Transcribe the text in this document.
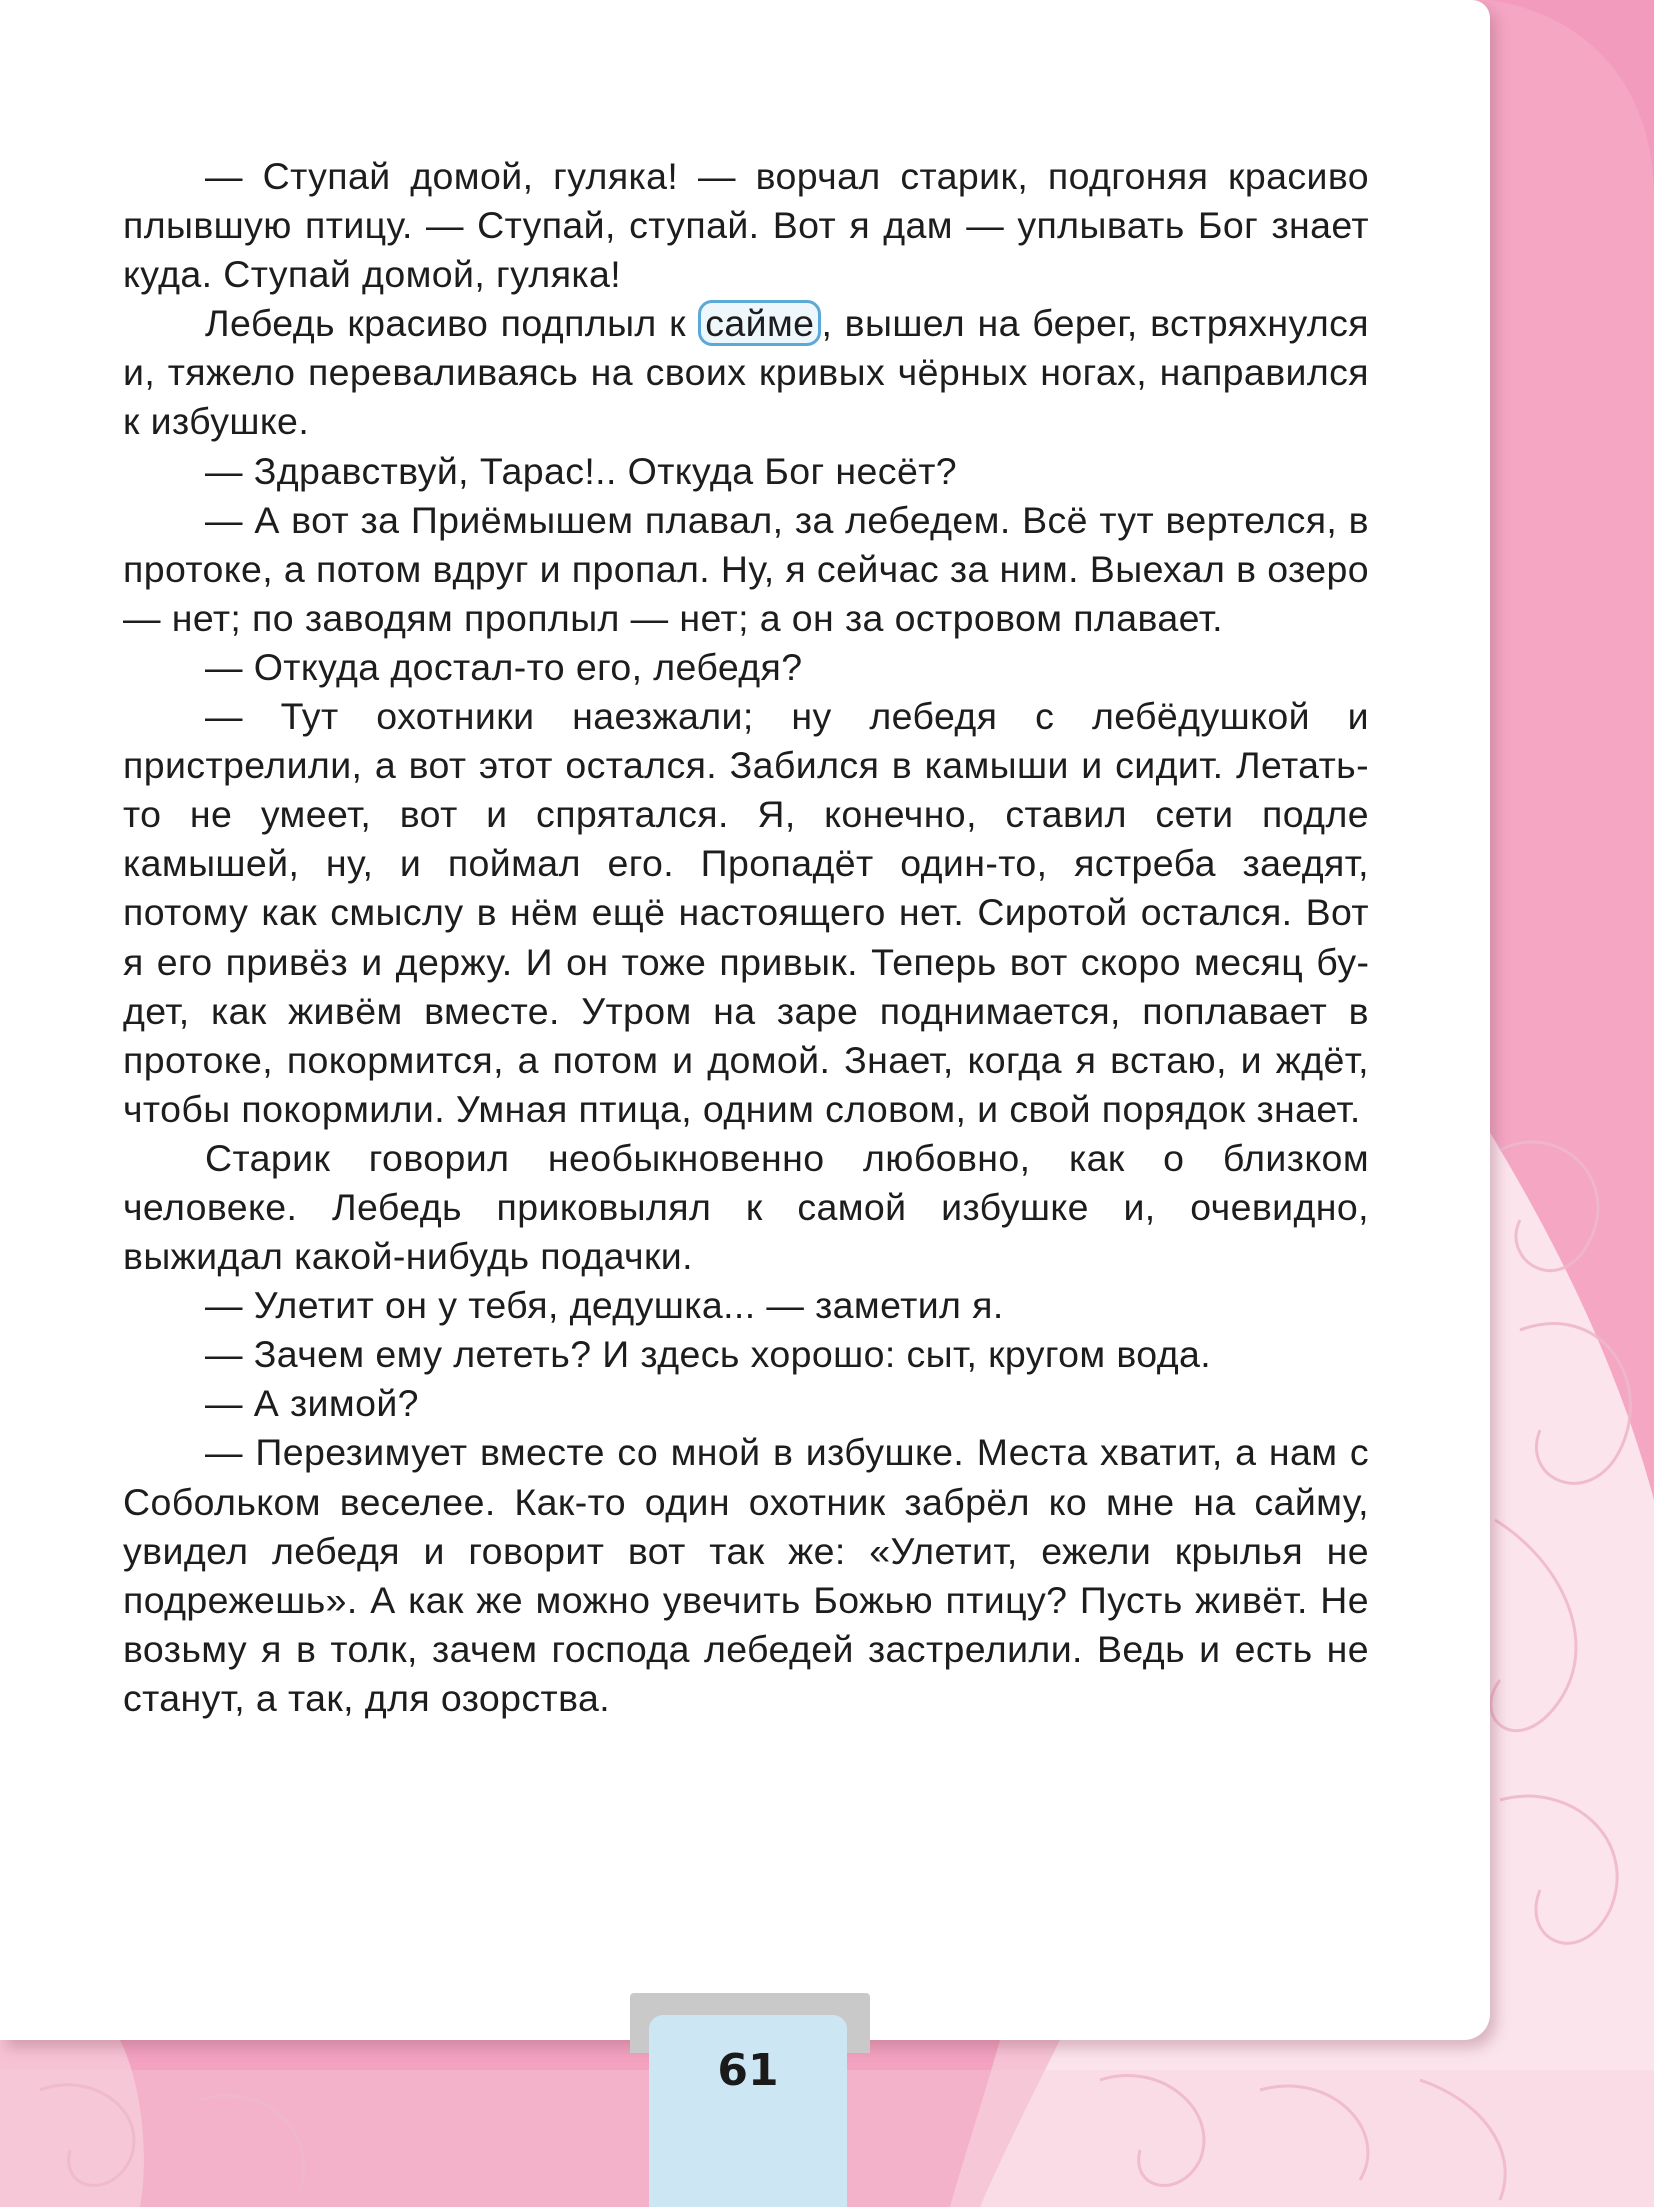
— Ступай домой, гуляка! — ворчал старик, подгоняя красиво плывшую птицу. — Ступай, ступай. Вот я дам — уплывать Бог знает куда. Ступай домой, гуляка!

Лебедь красиво подплыл к сайме , вышел на берег, встряхнулся и, тяжело переваливаясь на своих кривых чёрных ногах, направился к избушке.

— Здравствуй, Тарас!.. Откуда Бог несёт?

— А вот за Приёмышем плавал, за лебедем. Всё тут вертелся, в протоке, а потом вдруг и пропал. Ну, я сейчас за ним. Выехал в озеро — нет; по заводям проплыл — нет; а он за островом плавает.

— Откуда достал-то его, лебедя?

— Тут охотники наезжали; ну лебедя с лебёдушкой и пристрелили, а вот этот остался. Забился в камыши и сидит. Летать-то не умеет, вот и спрятался. Я, конечно, ставил сети подле камышей, ну, и поймал его. Пропадёт один-то, ястреба заедят, потому как смыслу в нём ещё настоящего нет. Сиротой остался. Вот я его привёз и держу. И он тоже привык. Теперь вот скоро месяц будет, как живём вместе. Утром на заре поднимается, поплавает в протоке, покормится, а потом и домой. Знает, когда я встаю, и ждёт, чтобы покормили. Умная птица, одним словом, и свой порядок знает.

Старик говорил необыкновенно любовно, как о близком человеке. Лебедь приковылял к самой избушке и, очевидно, выжидал какой-нибудь подачки.

— Улетит он у тебя, дедушка... — заметил я.

— Зачем ему лететь? И здесь хорошо: сыт, кругом вода.

— А зимой?

— Перезимует вместе со мной в избушке. Места хватит, а нам с Собольком веселее. Как-то один охотник забрёл ко мне на сайму, увидел лебедя и говорит вот так же: «Улетит, ежели крылья не подрежешь». А как же можно увечить Божью птицу? Пусть живёт. Не возьму я в толк, зачем господа лебедей застрелили. Ведь и есть не станут, а так, для озорства.

61
